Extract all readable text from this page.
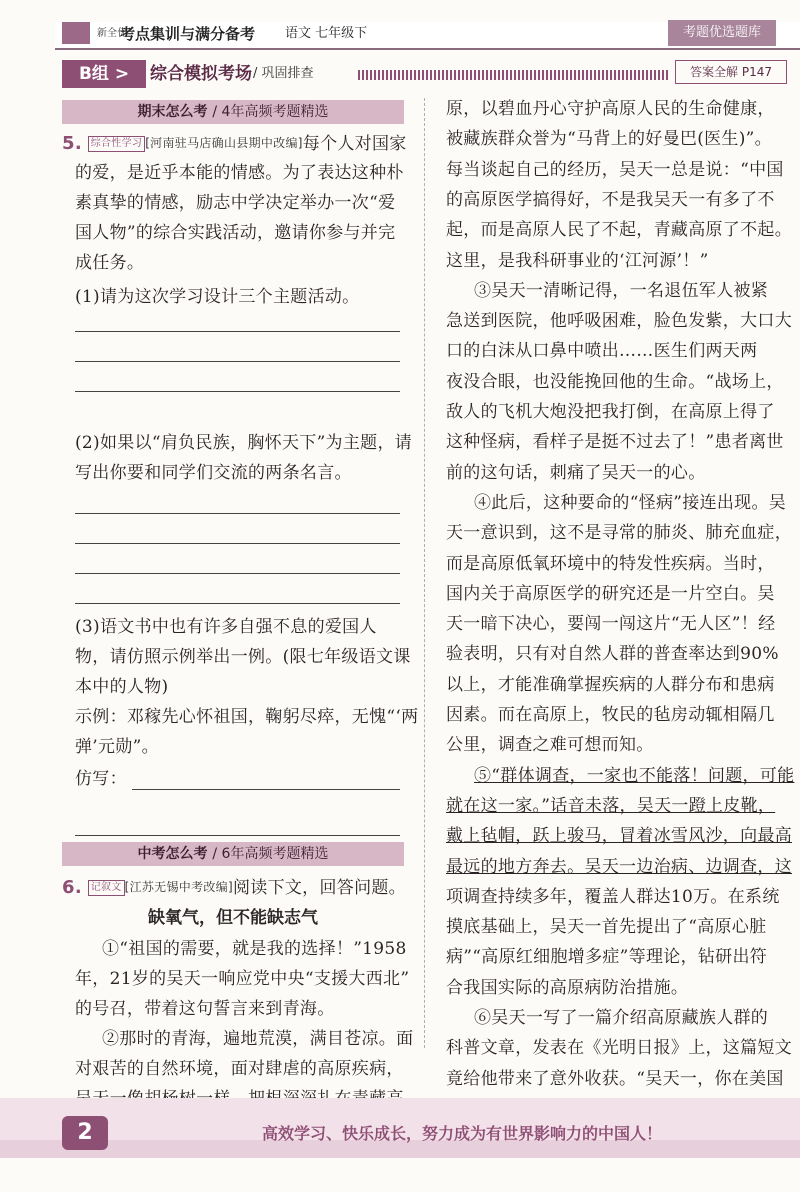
新全优
考点集训与满分备考 语文 七年级下	考题优选题库
B组 >	综合模拟考场 / 巩固排查	答案全解 P147
期末怎么考 / 4年高频考题精选
5. 综合性学习 [河南驻马店确山县期中改编]每个人对国家
的爱，是近乎本能的情感。为了表达这种朴
素真挚的情感，励志中学决定举办一次“爱
国人物”的综合实践活动，邀请你参与并完
成任务。
(1)请为这次学习设计三个主题活动。
(2)如果以“肩负民族，胸怀天下”为主题，请
写出你要和同学们交流的两条名言。
(3)语文书中也有许多自强不息的爱国人
物，请仿照示例举出一例。(限七年级语文课
本中的人物)
示例：邓稼先心怀祖国，鞠躬尽瘁，无愧“‘两
弹’元勋”。
仿写：
中考怎么考 / 6年高频考题精选
6. 记叙文 [江苏无锡中考改编]阅读下文，回答问题。
缺氧气，但不能缺志气
①“祖国的需要，就是我的选择！”1958
年，21岁的吴天一响应党中央“支援大西北”
的号召，带着这句誓言来到青海。
②那时的青海，遍地荒漠，满目苍凉。面
对艰苦的自然环境，面对肆虐的高原疾病，
原，以碧血丹心守护高原人民的生命健康，
被藏族群众誉为“马背上的好曼巴(医生)”。
每当谈起自己的经历，吴天一总是说：“中国
的高原医学搞得好，不是我吴天一有多了不
起，而是高原人民了不起，青藏高原了不起。
这里，是我科研事业的‘江河源’！”
③吴天一清晰记得，一名退伍军人被紧
急送到医院，他呼吸困难，脸色发紫，大口大
口的白沫从口鼻中喷出……医生们两天两
夜没合眼，也没能挽回他的生命。“战场上，
敌人的飞机大炮没把我打倒，在高原上得了
这种怪病，看样子是挺不过去了！”患者离世
前的这句话，刺痛了吴天一的心。
④此后，这种要命的“怪病”接连出现。吴
天一意识到，这不是寻常的肺炎、肺充血症，
而是高原低氧环境中的特发性疾病。当时，
国内关于高原医学的研究还是一片空白。吴
天一暗下决心，要闯一闯这片“无人区”！经
验表明，只有对自然人群的普查率达到90%
以上，才能准确掌握疾病的人群分布和患病
因素。而在高原上，牧民的毡房动辄相隔几
公里，调查之难可想而知。
⑤“群体调查，一家也不能落！问题，可能
就在这一家。”话音未落，吴天一蹬上皮靴，
戴上毡帽，跃上骏马，冒着冰雪风沙，向最高
最远的地方奔去。吴天一边治病、边调查，这
项调查持续多年，覆盖人群达10万。在系统
摸底基础上，吴天一首先提出了“高原心脏
病”“高原红细胞增多症”等理论，钻研出符
合我国实际的高原病防治措施。
⑥吴天一写了一篇介绍高原藏族人群的
科普文章，发表在《光明日报》上，这篇短文
竟给他带来了意外收获。“吴天一，你在美国
2	高效学习、快乐成长，努力成为有世界影响力的中国人！
